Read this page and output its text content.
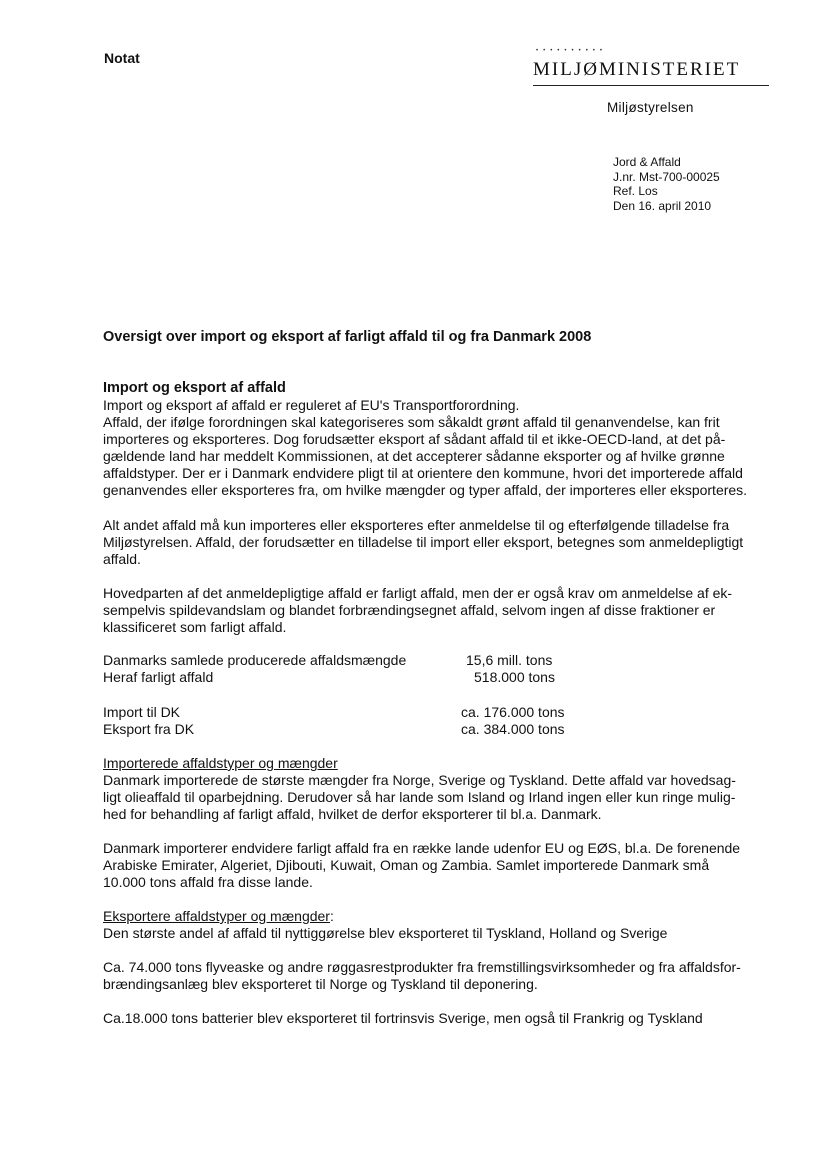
Notat	••••••••••
MILJØMINISTERIET
Miljøstyrelsen
Jord & Affald
J.nr. Mst-700-00025
Ref. Los
Den 16. april 2010
Oversigt over import og eksport af farligt affald til og fra Danmark 2008
Import og eksport af affald
Import og eksport af affald er reguleret af EU's Transportforordning.
Affald, der ifølge forordningen skal kategoriseres som såkaldt grønt affald til genanvendelse, kan frit
importeres og eksporteres. Dog forudsætter eksport af sådant affald til et ikke-OECD-land, at det på-
gældende land har meddelt Kommissionen, at det accepterer sådanne eksporter og af hvilke grønne
affaldstyper. Der er i Danmark endvidere pligt til at orientere den kommune, hvori det importerede affald
genanvendes eller eksporteres fra, om hvilke mængder og typer affald, der importeres eller eksporteres.
Alt andet affald må kun importeres eller eksporteres efter anmeldelse til og efterfølgende tilladelse fra
Miljøstyrelsen. Affald, der forudsætter en tilladelse til import eller eksport, betegnes som anmeldepligtigt
affald.
Hovedparten af det anmeldepligtige affald er farligt affald, men der er også krav om anmeldelse af ek-
sempelvis spildevandslam og blandet forbrændingsegnet affald, selvom ingen af disse fraktioner er
klassificeret som farligt affald.
Danmarks samlede producerede affaldsmængde	15,6 mill. tons
Heraf farligt affald	518.000 tons
Import til DK	ca. 176.000 tons
Eksport fra DK	ca. 384.000 tons
Importerede affaldstyper og mængder
Danmark importerede de største mængder fra Norge, Sverige og Tyskland. Dette affald var hovedsag-
ligt olieaffald til oparbejdning. Derudover så har lande som Island og Irland ingen eller kun ringe mulig-
hed for behandling af farligt affald, hvilket de derfor eksporterer til bl.a. Danmark.
Danmark importerer endvidere farligt affald fra en række lande udenfor EU og EØS, bl.a. De forenende
Arabiske Emirater, Algeriet, Djibouti, Kuwait, Oman og Zambia. Samlet importerede Danmark små
10.000 tons affald fra disse lande.
Eksportere affaldstyper og mængder:
Den største andel af affald til nyttiggørelse blev eksporteret til Tyskland, Holland og Sverige
Ca. 74.000 tons flyveaske og andre røggasrestprodukter fra fremstillingsvirksomheder og fra affaldsfor-
brændingsanlæg blev eksporteret til Norge og Tyskland til deponering.
Ca.18.000 tons batterier blev eksporteret til fortrinsvis Sverige, men også til Frankrig og Tyskland
